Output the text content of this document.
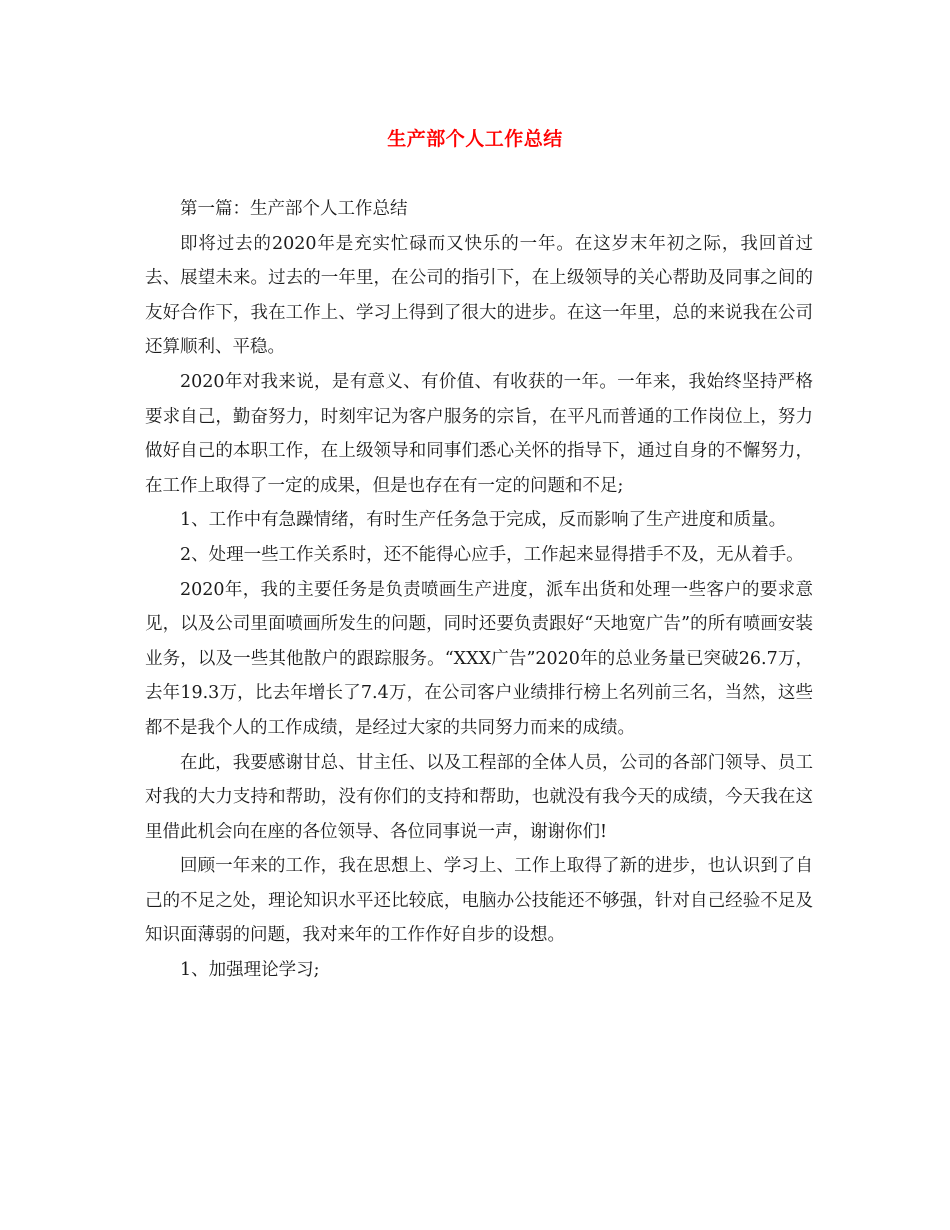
生产部个人工作总结

第一篇：生产部个人工作总结

即将过去的2020年是充实忙碌而又快乐的一年。在这岁末年初之际，我回首过去、展望未来。过去的一年里，在公司的指引下，在上级领导的关心帮助及同事之间的友好合作下，我在工作上、学习上得到了很大的进步。在这一年里，总的来说我在公司还算顺利、平稳。

2020年对我来说，是有意义、有价值、有收获的一年。一年来，我始终坚持严格要求自己，勤奋努力，时刻牢记为客户服务的宗旨，在平凡而普通的工作岗位上，努力做好自己的本职工作，在上级领导和同事们悉心关怀的指导下，通过自身的不懈努力，在工作上取得了一定的成果，但是也存在有一定的问题和不足;

1、工作中有急躁情绪，有时生产任务急于完成，反而影响了生产进度和质量。

2、处理一些工作关系时，还不能得心应手，工作起来显得措手不及，无从着手。

2020年，我的主要任务是负责喷画生产进度，派车出货和处理一些客户的要求意见，以及公司里面喷画所发生的问题，同时还要负责跟好“天地宽广告”的所有喷画安装业务，以及一些其他散户的跟踪服务。“XXX广告”2020年的总业务量已突破26.7万，去年19.3万，比去年增长了7.4万，在公司客户业绩排行榜上名列前三名，当然，这些都不是我个人的工作成绩，是经过大家的共同努力而来的成绩。

在此，我要感谢甘总、甘主任、以及工程部的全体人员，公司的各部门领导、员工对我的大力支持和帮助，没有你们的支持和帮助，也就没有我今天的成绩，今天我在这里借此机会向在座的各位领导、各位同事说一声，谢谢你们!

回顾一年来的工作，我在思想上、学习上、工作上取得了新的进步，也认识到了自己的不足之处，理论知识水平还比较底，电脑办公技能还不够强，针对自己经验不足及知识面薄弱的问题，我对来年的工作作好自步的设想。

1、加强理论学习;
